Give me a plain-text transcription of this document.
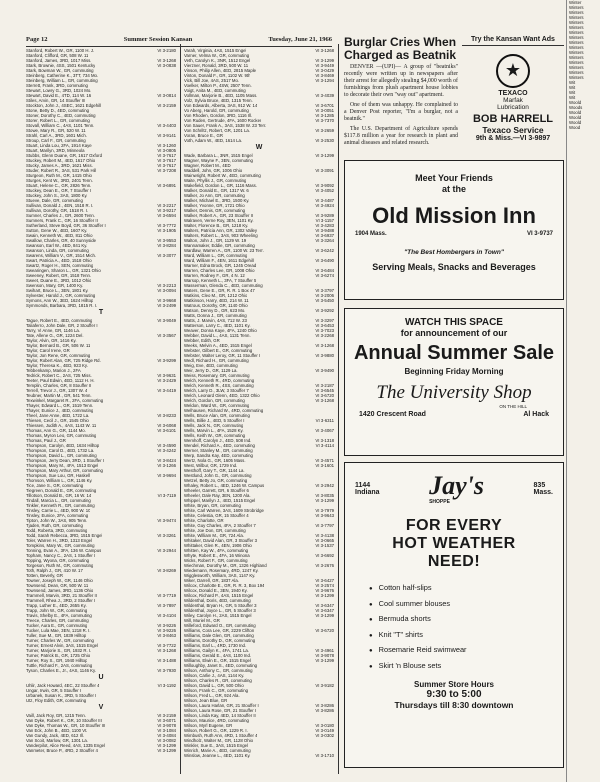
Page 12	Summer Session Kansan	Tuesday, June 21, 1966
Stanford, Robert W., GR, 1100 H. J.	VI 3-2180
Stanford, Clifford, GR, 508 W. 11
Stanford, James, 3RD, 1017 Miss.	VI 3-1268
Stark, Brownie, 4SS, 1501 Kentucky	VI 3-0838
Stark, Bowman W., GR, commuting
Steinberg, Catherine K., 3TT, 734 Mo.
Steinberg, William L., GR, commuting
Sterrett, Frank, 3RD, commuting
Stewart, Lowry G., 3RD, 1024 Mo.
Stewart, David E., 4TD, 114 W. 16	VI 3-0814
Stiles, Arvin, GR, 14 Stouffer III
Stockton, John J., 4SEC, 1621 Edgehill	VI 3-2159
Stone, Betty D., 4ED, commuting
Stoner, Dorothy C., 4ED, commuting
Storer, Robert L., GR, commuting
Stovall, William C., 4AS, 1101 Tenn.	VI 3-4403
Stowe, Mary R., GR, 520 W. 11
Strahl, Carl A., 3RD, 1601 Mich.	VI 3-9141
Stroup, Carl F., GR, commuting
Stuart, Linda Lou, 2FA, 1914 Kaye	VI 3-1260
Stuart, Marilyn, 3RD, Minneola	VI 3-0805
Stubbs, Glenn Duane, GR, 1617 Oxford	VI 3-7617
Stuckey, Robert M., 4ED, 1617 Ohio	VI 3-7617
Stucky, James A., 3RD, 1621 Miss.	VI 3-7617
Studer, Robert R., 3AS, 531 Park Hill	VI 3-7208
Sturgeon, Ruth M., GR, 1415 Ohio
Sturges, Kent W., 3RD, 2401 Tenn.
Stuart, Helene C., GR, 2826 Tenn.	VI 3-6891
Stuckey, Dean E., GR, 7 Stouffer I
Stuckey, John S., 3AS, 1800 Ky.
Stueve, Dale, GR, commuting
Sullivan, Donald J., 4EN, 1518 R. I.	VI 3-2217
Sullivan, Dorothy, GR, 1518 R. I.	VI 3-9217
Sumner, Charles J., GR, 2600 Tenn.	VI 3-6594
Sumners, Frank C., GR, 16 Stouffer II
Sutherland, Steve Boyd, GR, 36 Stouffer I	VI 3-7772
Sutton, Gene W., 4ED, 1607 Ky.	VI 3-1905
Swain, Kenneth W., 4ED, 811 Ohio
Swallow, Charles, GR, 40 Sunnyside	VI 3-9553
Swanson, Earl W., 4ED, 841 Ky.	VI 3-8284
Swanson, Linda, GR, commuting
Swarens, William V., GR, 1514 Mich.	VI 3-3077
Swart, Patricia A., 4ED, 1518 Ohio
Swartz, Roger H., SEN, commuting
Swearingen, Sharon L., GR, 1321 Ohio
Sweeney, Robert, GR, 1518 Tenn.
Sweet, Duane E., 3RD, 1012 Ohio
Swenson, Mary, GR, 1400 Ky.	VI 3-2213
Swihart, Bruce L., 3EN, 1801 Ky.	VI 3-0094
Sylvester, Harold J., GR, commuting
Symons, Ann W., 3ED, 1624 Hilltop	VI 3-9668
Symmonds, Barbara, 3RD, 1815 R. I.	VI 3-2499
T
Tague, Robert E., 4ED, commuting	VI 3-9049
Taliaferro, John Dale, GR, 2 Stouffer I
Tarry, Vi Anne, GR, 1146 La.
Tate, Allene G., GR, 1224 Del.	VI 3-3567
Taylor, Alvin, GR, 1416 Ky.
Taylor, Bernard B., GR, 506 W. 11
Taylor, Carol Irene, GR
Taylor, Jon Rene, GR, commuting
Taylor, Robert Alan, GR, 725 Ridge Rd.	VI 3-9299
Taylor, Theresa K., 4ED, 923 Ky.
Tebbenkamp, Marion J., 2FA
Tedrick, Robert C., 2AS, 725 Miss.	VI 3-9631
Teeter, Paul Edwin, 4ED, 1112 H. H.	VI 3-2429
Templin, Charles, GR, 8 Stouffer II
Terrell, Trevor J., GR, 1307 W. 4	VI 3-4419
Teubner, Martin M., GR, 541 Tenn.
Texwinkel, Margaret R., 2FA, commuting
Thayer, Edward L., GR, 1519 Tenn.
Thayer, Eunice J., 4ED, commuting
Theel, Jane Anne, 4ED, 1722 La.	VI 3-8233
Thiesen, Cecil J., GR, 1545 Ohio
Thiessen, Judith A., 4AS, 1143 W. 11	VI 3-6068
Thomas, Ann G., GR, 1144 Mo.	VI 3-6101
Thomas, Myron Leo, GR, commuting
Thomas, Paul J., GR
Thompson, Carolyn, 4ED, 1634 Hilltop	VI 3-4590
Thompson, Carol D., 4ED, 1732 La.	VI 3-4242
Thompson, David L., GR, commuting
Thompson, Jerry Dean, 3RD, 1 Stouffer I	VI 3-8424
Thompson, Mary M., 4FA, 1513 Engel	VI 3-1266
Thompson, Mary Arthur, GR, commuting
Thompson, Sue Lou, GR, Haskell	VI 3-9694
Thomson, William L., GR, 1146 Ky.
Tice, Jane S., GR, commuting
Tiegreen, Donald E., GR, commuting
Tillotson, Donald B., GR, 16 W. 14	VI 3-7119
Tindall, Marcia L., GR, commuting
Tinkler, Kenneth R., GR, commuting
Tinsley, Carrie L., 4ED, 900 W. 10
Tinsley, Eunice, 2FA, commuting
Tipton, John W., 3AS, 905 Tenn.	VI 3-9474
Tjaden, Ruth, GR, commuting
Todd, Roberta, 3RD, commuting
Todd, Sarah Rebecca, 3RD, 1515 Engel	VI 3-3261
Toler, Warren H., 3RD, 1313 Engel
Tompkins, Mary W., GR, commuting
Tonning, Evan A., 3FA, 136 W. Campus	VI 3-2944
Topham, Nancy C., 2AS, 1 Stouffer I
Topping, Wyona, GR, commuting
Torgeson, Ruth M., GR, commuting
Toth, Ralph J., GR, 410 W. 17	VI 3-8269
Totten, Beverly, GR
Towner, Joseph W., GR, 1146 Ohio
Townsend, Dean, GR, 500 W. 11
Townsend, James, 3RD, 1136 Ohio
Trammell, Marvin, 3RD, 21 Stouffer II	VI 3-7719
Trammell, Rhea J., 3RD, 2 Stouffer I
Trapp, Luther E., 4ED, 2655 Ky.	VI 3-7897
Trapp, John W., GR, commuting
Travis, Shelby E., 4FA, commuting	VI 3-4104
Treece, Charles, GR, commuting
Tucker, Aura E., GR, commuting	VI 3-9226
Tucker, Lula Mae, 3EN, 1218 R. I.	VI 3-9226
Tuller, Sue M., GR, 1839 Hilltop	VI 3-8463
Turner, Charles W., GR, commuting
Turner, Ernest Alvin, 3AS, 1515 Engel	VI 3-7722
Turner, Marjorie S., GR, 1932 R. I.	VI 3-1268
Turner, Patrick B., GR, 1725 Ohio
Turner, Roy S., GR, 1940 Hilltop	VI 3-1488
Tuttle, Richard F., 2AS, commuting
Tyson, Charles E., Jr., 4AS, 1146 Ky.	VI 3-7930
U
Uhlir, Jack Howard, 4EC, 22 Stouffer 4	VI 3-1192
Ungar, Irwin, GR, 5 Stouffer I
Urbanek, Susan K., 3RD, 5 Stouffer I
Utz, Floy Edith, GR, commuting
V
Vaill, Jack Roy, GR, 1215 Tenn.	VI 3-2159
Van Dyke, Robert K., GR, 10 Stouffer III	VI 3-6071
Van Dyke, Thomas W., GR, 10 Stouffer III	VI 3-9078
Van Eck, John B., 4ED, 1100 Vt.	VI 3-1084
Van Gundy, Jack, 4ED, 612 Ill.	VI 3-4084
Van Scoit, Marlow, GR, 1301 La.	VI 3-0082
Vanderpilot, Alice Reed, 4AS, 1335 Engel	VI 3-1299
Vanmeter, Bruce P., 4RD, 2 Stouffer 4	VI 3-1299
Varah, Virginia, 4AS, 1515 Engel	VI 3-1268
Varner, Velma W., GR, commuting
Veth, Carolyn K., 3NR, 1512 Engel	VI 3-1299
Vierzner, Ronald, 3RD, 500 W. 11	VI 3-9449
Vinson, Philip Allen, 4ED, 2815 Maple	VI 3-0429
Vinton, Donald F., GR, 1102 W. 9th	VI 3-8469
Vick, Bill Joe, 4AS, 2517 Mo.	VI 3-1294
Voelker, Milton P., 4SW, 2507 Tenn.
Voigt, Anita M., 4ED, commuting
Vollman, Marjorie B., 4ED, 1105 Mass.	VI 3-4039
Volz, Sylvia Bruce, 4ED, 1315 Tenn.
Von Edwards, Alberta, 3AS, 912 W. 14	VI 3-6701
Vo Aberg, Harold, GR, commuting	VI 3-0051
Von Rhoden, Gordon, 3RD, 1116 Ill.	VI 3-1285
Von Ruden, Gertrude, 4FA, 1600 Rocker	VI 3-7370
Von Sauer, Frank A., 3AS, 1538 W. 23 Terr.
Von Schriltz, Robert, GR, 1201 La.	VI 3-2659
Voran, Bruce E., GR
Voth, Adam W., 4ED, 1614 La.	VI 3-2530
W
Wade, Barbara L., 3NR, 1515 Engel	VI 3-1299
Wagner, Wayne F., 3EN, commuting
Wagner, Robert M., 4ED
Waddell, John, GR, 1006 Ohio	VI 3-3091
Wainwright, Robert W., 4ED, commuting
Waite, Phyllis J., GR, commuting
Wakefield, Gordon L., GR, 1116 Mass.	VI 3-9092
Walker, Donald E., GR, 1317 W. 6	VI 3-4052
Walker, Jo Ann, GR, commuting
Walker, Michael E., 3RD, 1500 Ky.	VI 3-4487
Walker, Yvonne, GR, 1721 Ohio	VI 3-4924
Walker, Dennis, GR, commuting
Walker, Robert A., GR, 23 Stouffer II	VI 3-9289
Walraven, Verne Roy, 3EN, 1101 Ky.	VI 3-1157
Walter, Florence B., GR, 1218 Ky.	VI 3-4283
Walters, Patricia Ann, GR, 1302 Valley	VI 3-9488
Walters, Robert L., 3AS, 903 Wheeling	VI 3-6937
Walton, John J., GR, 1129 W. 19	VI 3-3264
Wannamaker, Eddie, GR, commuting
Wardlaw, Warren A., GR, 1100 W. 23 Terr.	VI 3-6242
Ward, William L., GR, commuting
Ward, William F., 4EN, 1611 Edgehill	VI 3-6490
Warner, Edna Brock, GR, 1245 Oread
Warren, Charles Lee, GR, 1008 Ohio	VI 3-6484
Warren, Rodney F., GR, 4 N. 12	VI 3-6274
Warsop, Kenneth L., 3FA, 7 Stouffer 5
Wasserman, Glenda C., 4ED, commuting
Waters, Gene E., GR, R. R. 1 Box 47	VI 3-3797
Watkins, Cleo M., GR, 1212 Ohio	VI 3-2006
Watkinson, Harry, 4ED, 214 W. 11	VI 3-5450
Watrous, Dorothy, GR, 1140 Ohio
Watson, Denny D., GR, 623 Mo.	VI 3-9292
Watts, Donna J., GR, commuting
Watts, J. Marvin, 4AS, 712 W. 23	VI 3-3297
Watterson, Larry C., 4ED, 1101 Ky.	VI 3-6453
Weaver, Donna Kaye, 4FA, 1240 Ohio	VI 3-7023
Webber, David L., 4AS, 1131 Tenn.	VI 3-2268
Webber, Edith, GR
Weeks, Melvin A., 4ED, 1515 Engel	VI 3-1268
Webster, Gilbert E., GR, commuting
Webster, Walter Leroy, GR, 11 Stouffer I	VI 3-9880
Wedl, Richard H., GR, commuting
Weig, Eve, 4ED, commuting
Weir, Jerry D., GR, 1129 La.	VI 3-9490
Weiss, Rosemary, GR, commuting
Welch, Kenneth R., 4RD, commuting
Welch, Kenneth R., 4SS, commuting	VI 3-2187
Welch, Larry D., 3LW, 3 Stouffer 7	VI 3-6545
Welch, Leonard Glenn, 4ED, 1322 Ohio	VI 3-6720
Welch, Gordon, GR, commuting	VI 3-1268
Weldon, Ward W., GR, commuting
Welhausen, Richard W., 4RD, commuting
Wells, Bruce Alan, GR, commuting
Wells, Billie J., 4ED, 5 Stouffer I	VI 3-6311
Wells, Jack N., GR, commuting
Wells, Marvin L., 4FA, 1528 Ky.	VI 3-4067
Wells, Keith W., GR, commuting
Wemhoff, Carolyn J., 4ED, 508 Ind.	VI 3-1318
Wendel, Richard A., 4ED, commuting	VI 3-4114
Werner, Stanley M., GR, commuting
Werp, Sandra Kay, 4ED, commuting
Wertz, Nola G., GR, 1605 Mass.	VI 3-4571
West, Wilbur, GR, 1729 Ind.	VI 3-1601
Westhoff, Gary T., GR, 1144 La.
Westlund, John G., GR, commuting
Wetzel, Betty Jo, GR, commuting
Whaley, Robert L., 4ED, 1246 W. Campus	VI 3-2942
Wheeler, Garrett, GR, 6 Stouffer 6
Wheeler, Dale Ray, 3EN, 1200 Ala.	VI 3-8035
Whippel, Marilyn J., 4ED, 1515 Engel	VI 3-1299
White, Bryan, GR, commuting
White, Carl Warren, 3AS, 1609 Strobridge	VI 3-7979
White, Celestia, GR, 15 Stouffer 4	VI 3-9643
White, Charlotte, GR
White, Guy Charles, 4FA, 2 Stouffer 7	VI 3-7797
White, Joe Don, GR, commuting
White, William M., GR, 724 Ala.	VI 3-4138
Whitaker, David Alan, GR, 3 Stouffer 3	VI 3-0665
Whittaker, Glen R., 4EN, 1906 Ohio	VI 3-1537
Whitten, Kay W., 4FA, commuting
Whyte, Robert E., 4FA, 16 Winona	VI 3-6692
Wicks, Robert F., GR, commuting
Wiechman, Dorothy M., GR, 1326 Highland	VI 3-2676
Wiedemann, Rosemary, 4RD, 1247 Ky.
Wigglesworth, William, 3AS, 1147 Ky.
Wiker, Darrell, GR, 1837 Ala.	VI 3-6427
Wilcox, Charlotte E., GR, R. R. 3, Box 194	VI 3-2574
Wilcox, Donald E., 3EN, 1940 Ky.	VI 3-9676
Wilcox, Richard P., 4AS, 1515 Engel	VI 3-1299
Wildenthal, Doris, 4ED, commuting
Wildenthal, Bryan H., GR, 5 Stouffer 3	VI 3-6347
Wildenthal, Joyce L., GR, 5 Stouffer 3	VI 3-6347
Wiley, Carolyn H., 2AS, 1515 Engel	VI 3-1299
Will, Muriel M., GR
Willeford, Edward O., GR, commuting
Williams, Cora Lee, GR, 2229 Clifton	VI 3-6720
Williams, Dale Glen, GR, commuting
Williams, Dorothy D., GR, commuting
Williams, Earl L., 4RD, 1730 Ind.
Williams, Gailyn K., 4FA, 1741 La.	VI 3-4961
Williams, Gerald E., 4AS, 1100 Ind.	VI 3-9078
Williams, Elwin E., GR, 1515 Engel	VI 3-1299
Willoughby, Janet S., 4ED, commuting
Wilson, Anthony C., GR, commuting
Wilson, Carlie J., 4AS, 1144 Ky.
Wilson, Charles R., GR, commuting
Wilson, David L., GR, 500 Ohio	VI 3-9182
Wilson, Frank C., GR, commuting
Wilson, Fred L., GR, 924 Ala.
Wilson, Jean Blue, GR
Wilson, Laura Harlan, GR, 21 Stouffer I	VI 3-8286
Wilson, Laura Rose, GR, 21 Stouffer I	VI 3-8286
Wilson, Linda Kay, 4ED, 14 Stouffer II
Wilson, Maurice, 4RD, commuting
Wilson, Myrl Eugene, GR	VI 3-0180
Wilson, Robert G., GR, 1229 R. I.	VI 3-0149
Wimbush, Ruth Ann, 4RD, 1 Stouffer 4	VI 3-0302
Windholz, Walter M., GR, 1128 Ohio
Winkler, Sue E., 3AS, 1515 Engel
Winrich, Marie A., 4ED, commuting
Winslow, Jeanne L., 4ED, 1101 Ky.	VI 3-1710
Burglar Cries When
Charged as Beatnik

DENVER —(UPI)— A group of "beatniks" recently were written up in newspapers after their arrest for allegedly stealing $4,000 worth of furnishings from plush apartment house lobbies to decorate their own "way out" apartment.

One of them was unhappy. He complained to a Denver Post reporter, "I'm a burglar, not a beatnik."

The U.S. Department of Agriculture spends $117.8 million a year for research in plant and animal diseases and related research.

Try the Kansan Want Ads
★
TEXACO
Marfak
Lubrication
BOB HARRELL
Texaco Service
9th & Miss.—VI 3-9897
Meet Your Friends
at the
Old Mission Inn
1904 Mass.	VI 3-9737
"The Best Hombergers in Town"
Serving Meals, Snacks and Beverages
WATCH THIS SPACE
for announcement of our
Annual Summer Sale
Beginning Friday Morning
The University Shop
ON THE HILL
1420 Crescent Road	Al Hack
1144
Indiana Jay's
SHOPPE
835
Mass.
FOR EVERY
HOT WEATHER
NEED!
● Cotton half-slips
● Cool summer blouses
● Bermuda shorts
● Knit "T" shirts
● Rosemarie Reid swimwear
● Skirt 'n Blouse sets
Summer Store Hours
9:30 to 5:00
Thursdays till 8:30 downtown
Winter
Winters
Winters
Winters
Winters
Winters
Winters
Winters
Winters
Winters
Winters
Winters
Winters
Winters
Winters
Winters
Wit
Wit
Wit
Wit
Woold
Woods
Woold
Woold
Woold
Wood
